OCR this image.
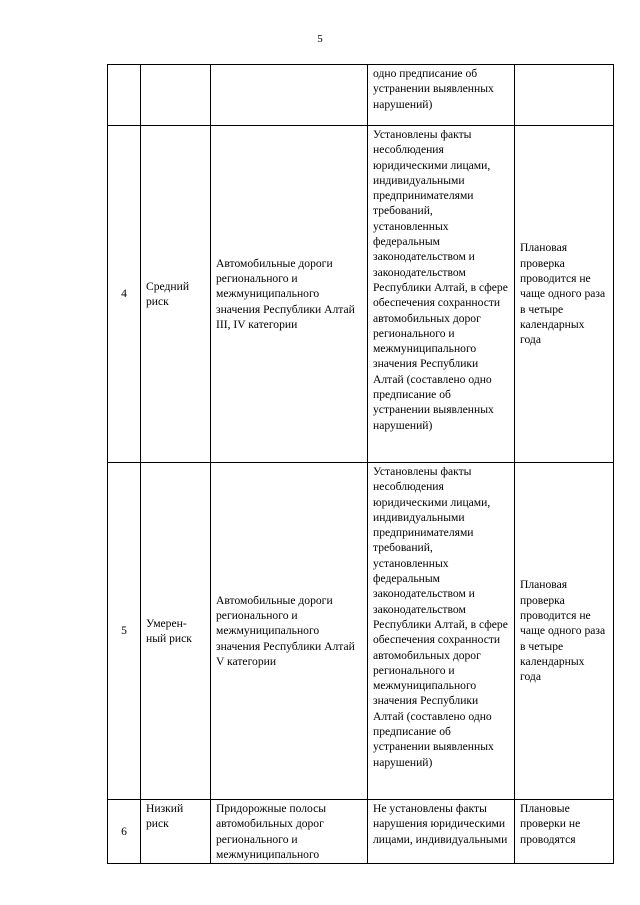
5
			одно предписание об устранении выявленных нарушений)	
4	Средний риск	Автомобильные дороги регионального и межмуниципального значения Республики Алтай III, IV категории	Установлены факты несоблюдения юридическими лицами, индивидуальными предпринимателями требований, установленных федеральным законодательством и законодательством Республики Алтай, в сфере обеспечения сохранности автомобильных дорог регионального и межмуниципального значения Республики Алтай (составлено одно предписание об устранении выявленных нарушений)	Плановая проверка проводится не чаще одного раза в четыре календарных года
5	Умерен-ный риск	Автомобильные дороги регионального и межмуниципального значения Республики Алтай V категории	Установлены факты несоблюдения юридическими лицами, индивидуальными предпринимателями требований, установленных федеральным законодательством и законодательством Республики Алтай, в сфере обеспечения сохранности автомобильных дорог регионального и межмуниципального значения Республики Алтай (составлено одно предписание об устранении выявленных нарушений)	Плановая проверка проводится не чаще одного раза в четыре календарных года
6	Низкий риск	Придорожные полосы автомобильных дорог регионального и межмуниципального	Не установлены факты нарушения юридическими лицами, индивидуальными	Плановые проверки не проводятся
